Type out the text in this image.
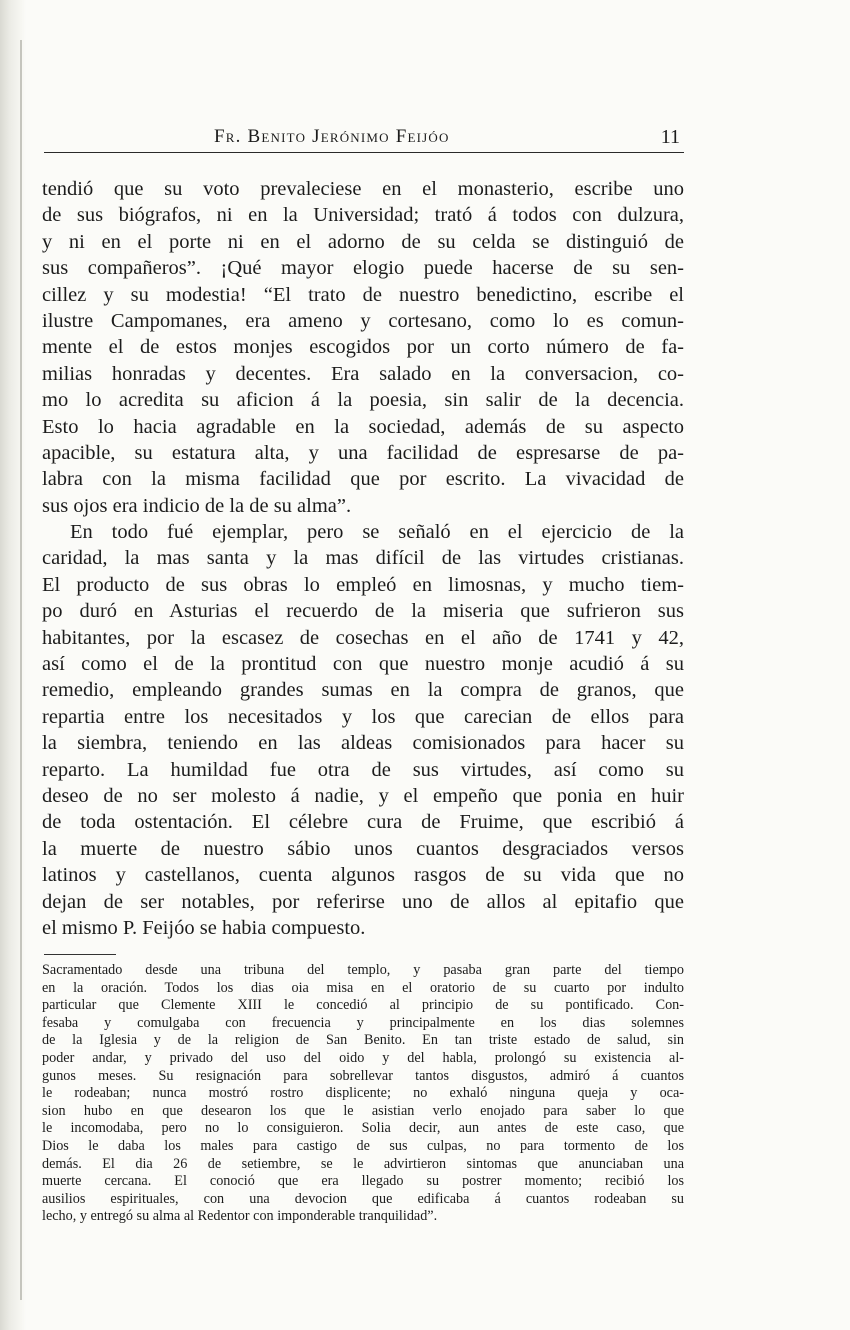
Fr. Benito Jerónimo Feijóo	11
tendió que su voto prevaleciese en el monasterio, escribe uno
de sus biógrafos, ni en la Universidad; trató á todos con dulzura,
y ni en el porte ni en el adorno de su celda se distinguió de
sus compañeros”. ¡Qué mayor elogio puede hacerse de su sen-
cillez y su modestia! “El trato de nuestro benedictino, escribe el
ilustre Campomanes, era ameno y cortesano, como lo es comun-
mente el de estos monjes escogidos por un corto número de fa-
milias honradas y decentes. Era salado en la conversacion, co-
mo lo acredita su aficion á la poesia, sin salir de la decencia.
Esto lo hacia agradable en la sociedad, además de su aspecto
apacible, su estatura alta, y una facilidad de espresarse de pa-
labra con la misma facilidad que por escrito. La vivacidad de
sus ojos era indicio de la de su alma”.
En todo fué ejemplar, pero se señaló en el ejercicio de la
caridad, la mas santa y la mas difícil de las virtudes cristianas.
El producto de sus obras lo empleó en limosnas, y mucho tiem-
po duró en Asturias el recuerdo de la miseria que sufrieron sus
habitantes, por la escasez de cosechas en el año de 1741 y 42,
así como el de la prontitud con que nuestro monje acudió á su
remedio, empleando grandes sumas en la compra de granos, que
repartia entre los necesitados y los que carecian de ellos para
la siembra, teniendo en las aldeas comisionados para hacer su
reparto. La humildad fue otra de sus virtudes, así como su
deseo de no ser molesto á nadie, y el empeño que ponia en huir
de toda ostentación. El célebre cura de Fruime, que escribió á
la muerte de nuestro sábio unos cuantos desgraciados versos
latinos y castellanos, cuenta algunos rasgos de su vida que no
dejan de ser notables, por referirse uno de allos al epitafio que
el mismo P. Feijóo se habia compuesto.
Sacramentado desde una tribuna del templo, y pasaba gran parte del tiempo
en la oración. Todos los dias oia misa en el oratorio de su cuarto por indulto
particular que Clemente XIII le concedió al principio de su pontificado. Con-
fesaba y comulgaba con frecuencia y principalmente en los dias solemnes
de la Iglesia y de la religion de San Benito. En tan triste estado de salud, sin
poder andar, y privado del uso del oido y del habla, prolongó su existencia al-
gunos meses. Su resignación para sobrellevar tantos disgustos, admiró á cuantos
le rodeaban; nunca mostró rostro displicente; no exhaló ninguna queja y oca-
sion hubo en que desearon los que le asistian verlo enojado para saber lo que
le incomodaba, pero no lo consiguieron. Solia decir, aun antes de este caso, que
Dios le daba los males para castigo de sus culpas, no para tormento de los
demás. El dia 26 de setiembre, se le advirtieron sintomas que anunciaban una
muerte cercana. El conoció que era llegado su postrer momento; recibió los
ausilios espirituales, con una devocion que edificaba á cuantos rodeaban su
lecho, y entregó su alma al Redentor con imponderable tranquilidad”.
